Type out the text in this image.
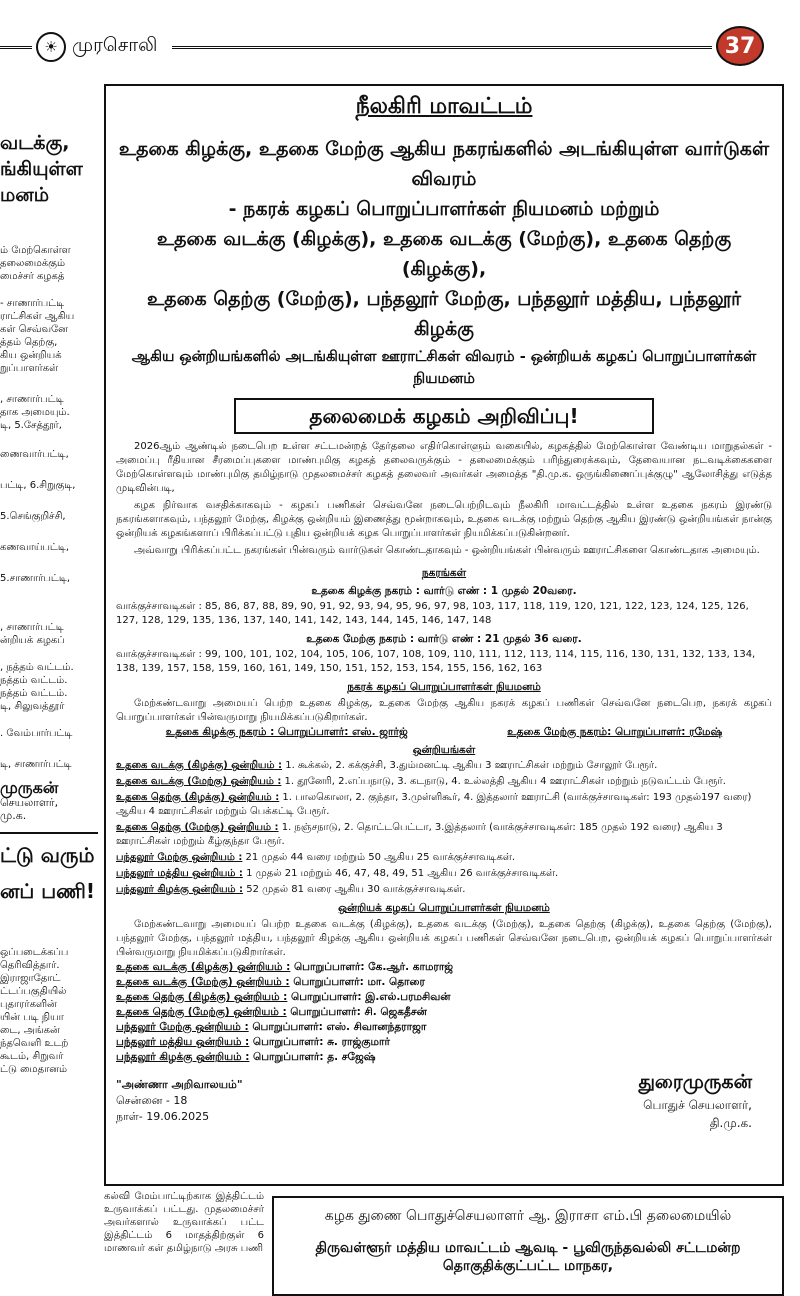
☀ முரசொலி	37
வடக்கு,
ங்கியுள்ள
மனம்
ம் மேற்கொள்ள
தலைமைக்கும்
மைச்சர் கழகத்
- சாணார்பட்டி
ராட்சிகள் ஆகிய
கள் செவ்வனே
த்தம் தெற்கு,
கிய ஒன்றியக்
றுப்பாளர்கள்
, சாணார்பட்டி
தாக அமையும்.
டி, 5.சேத்தூர்,
ணைவார்பட்டி,
பட்டி, 6.சிறுகுடி,
5.செங்குறிச்சி,
கணவாய்பட்டி,
5.சாணார்பட்டி,
, சாணார்பட்டி
ன்றியக் கழகப்
, நத்தம் வட்டம்.
நத்தம் வட்டம்.
நத்தம் வட்டம்.
டி, சிலுவத்தூர்
. வேம்பார்பட்டி
டி, சாணார்பட்டி
முருகன்
செயலாளர்,
மு.க.
ட்டு வரும்
னப் பணி!
ஒப்படைக்கப்ப
தெரிவித்தார்.
இராஜாதோட்
ட்டப்பகுதியில்
புதாரர்களின்
யின் படி நியா
டை, அங்கன்
ந்தவெளி உடற்
கூடம், சிறுவர்
ட்டு மைதானம்
நீலகிரி மாவட்டம்
உதகை கிழக்கு, உதகை மேற்கு ஆகிய நகரங்களில் அடங்கியுள்ள வார்டுகள் விவரம்
- நகரக் கழகப் பொறுப்பாளர்கள் நியமனம் மற்றும்
உதகை வடக்கு (கிழக்கு), உதகை வடக்கு (மேற்கு), உதகை தெற்கு (கிழக்கு),
உதகை தெற்கு (மேற்கு), பந்தலூர் மேற்கு, பந்தலூர் மத்திய, பந்தலூர் கிழக்கு
ஆகிய ஒன்றியங்களில் அடங்கியுள்ள ஊராட்சிகள் விவரம் - ஒன்றியக் கழகப் பொறுப்பாளர்கள் நியமனம்
தலைமைக் கழகம் அறிவிப்பு!
2026ஆம் ஆண்டில் நடைபெற உள்ள சட்டமன்றத் தேர்தலை எதிர்கொள்ளும் வகையில், கழகத்தில் மேற்கொள்ள வேண்டிய மாறுதல்கள் - அமைப்பு ரீதியான சீரமைப்புகளை மாண்புமிகு கழகத் தலைவருக்கும் - தலைமைக்கும் பரிந்துரைக்கவும், தேவையான நடவடிக்கைகளை மேற்கொள்ளவும் மாண்புமிகு தமிழ்நாடு முதலமைச்சர் கழகத் தலைவர் அவர்கள் அமைத்த "தி.மு.க. ஒருங்கிணைப்புக்குழு" ஆலோசித்து எடுத்த முடிவின்படி,
கழக நிர்வாக வசதிக்காகவும் - கழகப் பணிகள் செவ்வனே நடைபெற்றிடவும் நீலகிரி மாவட்டத்தில் உள்ள உதகை நகரம் இரண்டு நகரங்களாகவும், பந்தலூர் மேற்கு, கிழக்கு ஒன்றியம் இணைத்து மூன்றாகவும், உதகை வடக்கு மற்றும் தெற்கு ஆகிய இரண்டு ஒன்றியங்கள் நான்கு ஒன்றியக் கழகங்களாப் பிரிக்கப்பட்டு புதிய ஒன்றியக் கழக பொறுப்பாளர்கள் நியமிக்கப்படுகின்றனர்.
அவ்வாறு பிரிக்கப்பட்ட நகரங்கள் பின்வரும் வார்டுகள் கொண்டதாகவும் - ஒன்றியங்கள் பின்வரும் ஊராட்சிகளை கொண்டதாக அமையும்.
நகரங்கள்
உதகை கிழக்கு நகரம் : வார்டு எண் : 1 முதல் 20வரை.
வாக்குச்சாவடிகள் : 85, 86, 87, 88, 89, 90, 91, 92, 93, 94, 95, 96, 97, 98, 103, 117, 118, 119, 120, 121, 122, 123, 124, 125, 126, 127, 128, 129, 135, 136, 137, 140, 141, 142, 143, 144, 145, 146, 147, 148
உதகை மேற்கு நகரம் : வார்டு எண் : 21 முதல் 36 வரை.
வாக்குச்சாவடிகள் : 99, 100, 101, 102, 104, 105, 106, 107, 108, 109, 110, 111, 112, 113, 114, 115, 116, 130, 131, 132, 133, 134, 138, 139, 157, 158, 159, 160, 161, 149, 150, 151, 152, 153, 154, 155, 156, 162, 163
நகரக் கழகப் பொறுப்பாளர்கள் நியமனம்
மேற்கண்டவாறு அமையப் பெற்ற உதகை கிழக்கு, உதகை மேற்கு ஆகிய நகரக் கழகப் பணிகள் செவ்வனே நடைபெற, நகரக் கழகப் பொறுப்பாளர்கள் பின்வருமாறு நியமிக்கப்படுகிறார்கள்.
உதகை கிழக்கு நகரம் : பொறுப்பாளர்: எஸ். ஜார்ஜ்	உதகை மேற்கு நகரம்: பொறுப்பாளர்: ரமேஷ்
ஒன்றியங்கள்
உதகை வடக்கு (கிழக்கு) ஒன்றியம் : 1. கூக்கல், 2. கக்குச்சி, 3.தும்மனட்டி ஆகிய 3 ஊராட்சிகள் மற்றும் சோலூர் பேரூர்.
உதகை வடக்கு (மேற்கு) ஒன்றியம் : 1. தூனேரி, 2.எப்பநாடு, 3. கடநாடு, 4. உல்லத்தி ஆகிய 4 ஊராட்சிகள் மற்றும் நடுவட்டம் பேரூர்.
உதகை தெற்கு (கிழக்கு) ஒன்றியம் : 1. பாலகொலா, 2. குந்தா, 3.முள்ளிகூர், 4. இத்தலார் ஊராட்சி (வாக்குச்சாவடிகள்: 193 முதல்197 வரை) ஆகிய 4 ஊராட்சிகள் மற்றும் பெக்கட்டி பேரூர்.
உதகை தெற்கு (மேற்கு) ஒன்றியம் : 1. நஞ்சநாடு, 2. தொட்டபெட்டா, 3.இத்தலார் (வாக்குச்சாவடிகள்: 185 முதல் 192 வரை) ஆகிய 3 ஊராட்சிகள் மற்றும் கீழ்குந்தா பேரூர்.
பந்தலூர் மேற்கு ஒன்றியம் : 21 முதல் 44 வரை மற்றும் 50 ஆகிய 25 வாக்குச்சாவடிகள்.
பந்தலூர் மத்திய ஒன்றியம் : 1 முதல் 21 மற்றும் 46, 47, 48, 49, 51 ஆகிய 26 வாக்குச்சாவடிகள்.
பந்தலூர் கிழக்கு ஒன்றியம் : 52 முதல் 81 வரை ஆகிய 30 வாக்குச்சாவடிகள்.
ஒன்றியக் கழகப் பொறுப்பாளர்கள் நியமனம்
மேற்கண்டவாறு அமையப் பெற்ற உதகை வடக்கு (கிழக்கு), உதகை வடக்கு (மேற்கு), உதகை தெற்கு (கிழக்கு), உதகை தெற்கு (மேற்கு), பந்தலூர் மேற்கு, பந்தலூர் மத்திய, பந்தலூர் கிழக்கு ஆகிய ஒன்றியக் கழகப் பணிகள் செவ்வனே நடைபெற, ஒன்றியக் கழகப் பொறுப்பாளர்கள் பின்வருமாறு நியமிக்கப்படுகிறார்கள்.
உதகை வடக்கு (கிழக்கு) ஒன்றியம் : பொறுப்பாளர்: கே.ஆர். காமராஜ்
உதகை வடக்கு (மேற்கு) ஒன்றியம் : பொறுப்பாளர்: மா. தொரை
உதகை தெற்கு (கிழக்கு) ஒன்றியம் : பொறுப்பாளர்: இ.எல்.பரமசிவன்
உதகை தெற்கு (மேற்கு) ஒன்றியம் : பொறுப்பாளர்: சி. ஜெகதீசன்
பந்தலூர் மேற்கு ஒன்றியம் : பொறுப்பாளர்: எஸ். சிவானந்தராஜா
பந்தலூர் மத்திய ஒன்றியம் : பொறுப்பாளர்: சு. ராஜ்குமார்
பந்தலூர் கிழக்கு ஒன்றியம் : பொறுப்பாளர்: த. சஜேஷ்
"அண்ணா அறிவாலயம்"
சென்னை - 18
நாள்- 19.06.2025
துரைமுருகன்
பொதுச் செயலாளர்,
தி.மு.க.
கல்வி மேம்பாட்டிற்காக இத்திட்டம் உருவாக்கப் பட்டது. முதலமைச்சர் அவர்களால் உருவாக்கப் பட்ட இத்திட்டம் 6 மாதத்திற்குள் 6 மாணவர் கள் தமிழ்நாடு அரசு பணி
கழக துணை பொதுச்செயலாளர் ஆ. இராசா எம்.பி தலைமையில்
திருவள்ளூர் மத்திய மாவட்டம் ஆவடி - பூவிருந்தவல்லி சட்டமன்ற தொகுதிக்குட்பட்ட மாநகர,
